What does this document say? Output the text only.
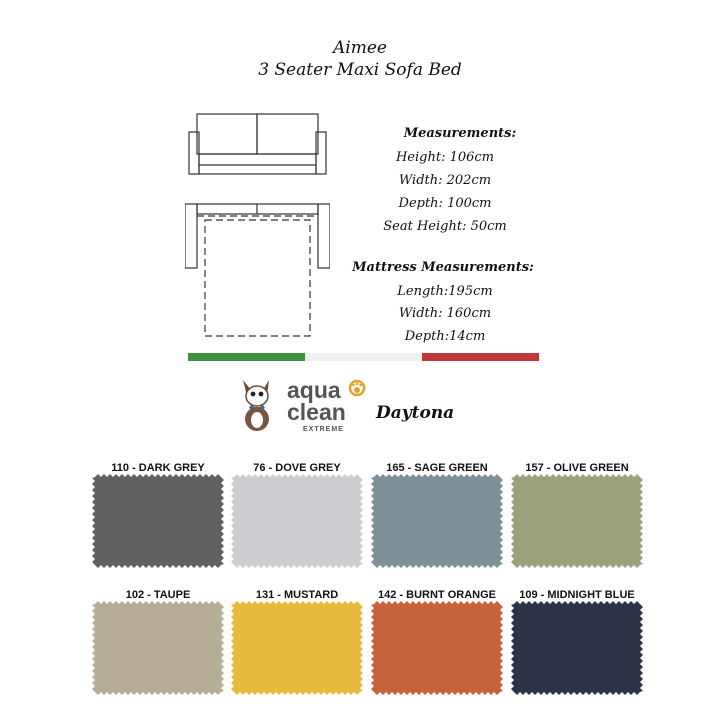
Aimee
3 Seater Maxi Sofa Bed
Measurements:
Height: 106cm
Width: 202cm
Depth: 100cm
Seat Height: 50cm
Mattress Measurements:
Length:195cm
Width: 160cm
Depth:14cm
aqua
clean
EXTREME
Daytona
110 - DARK GREY	76 - DOVE GREY	165 - SAGE GREEN	157 - OLIVE GREEN
102 - TAUPE	131 - MUSTARD	142 - BURNT ORANGE	109 - MIDNIGHT BLUE
